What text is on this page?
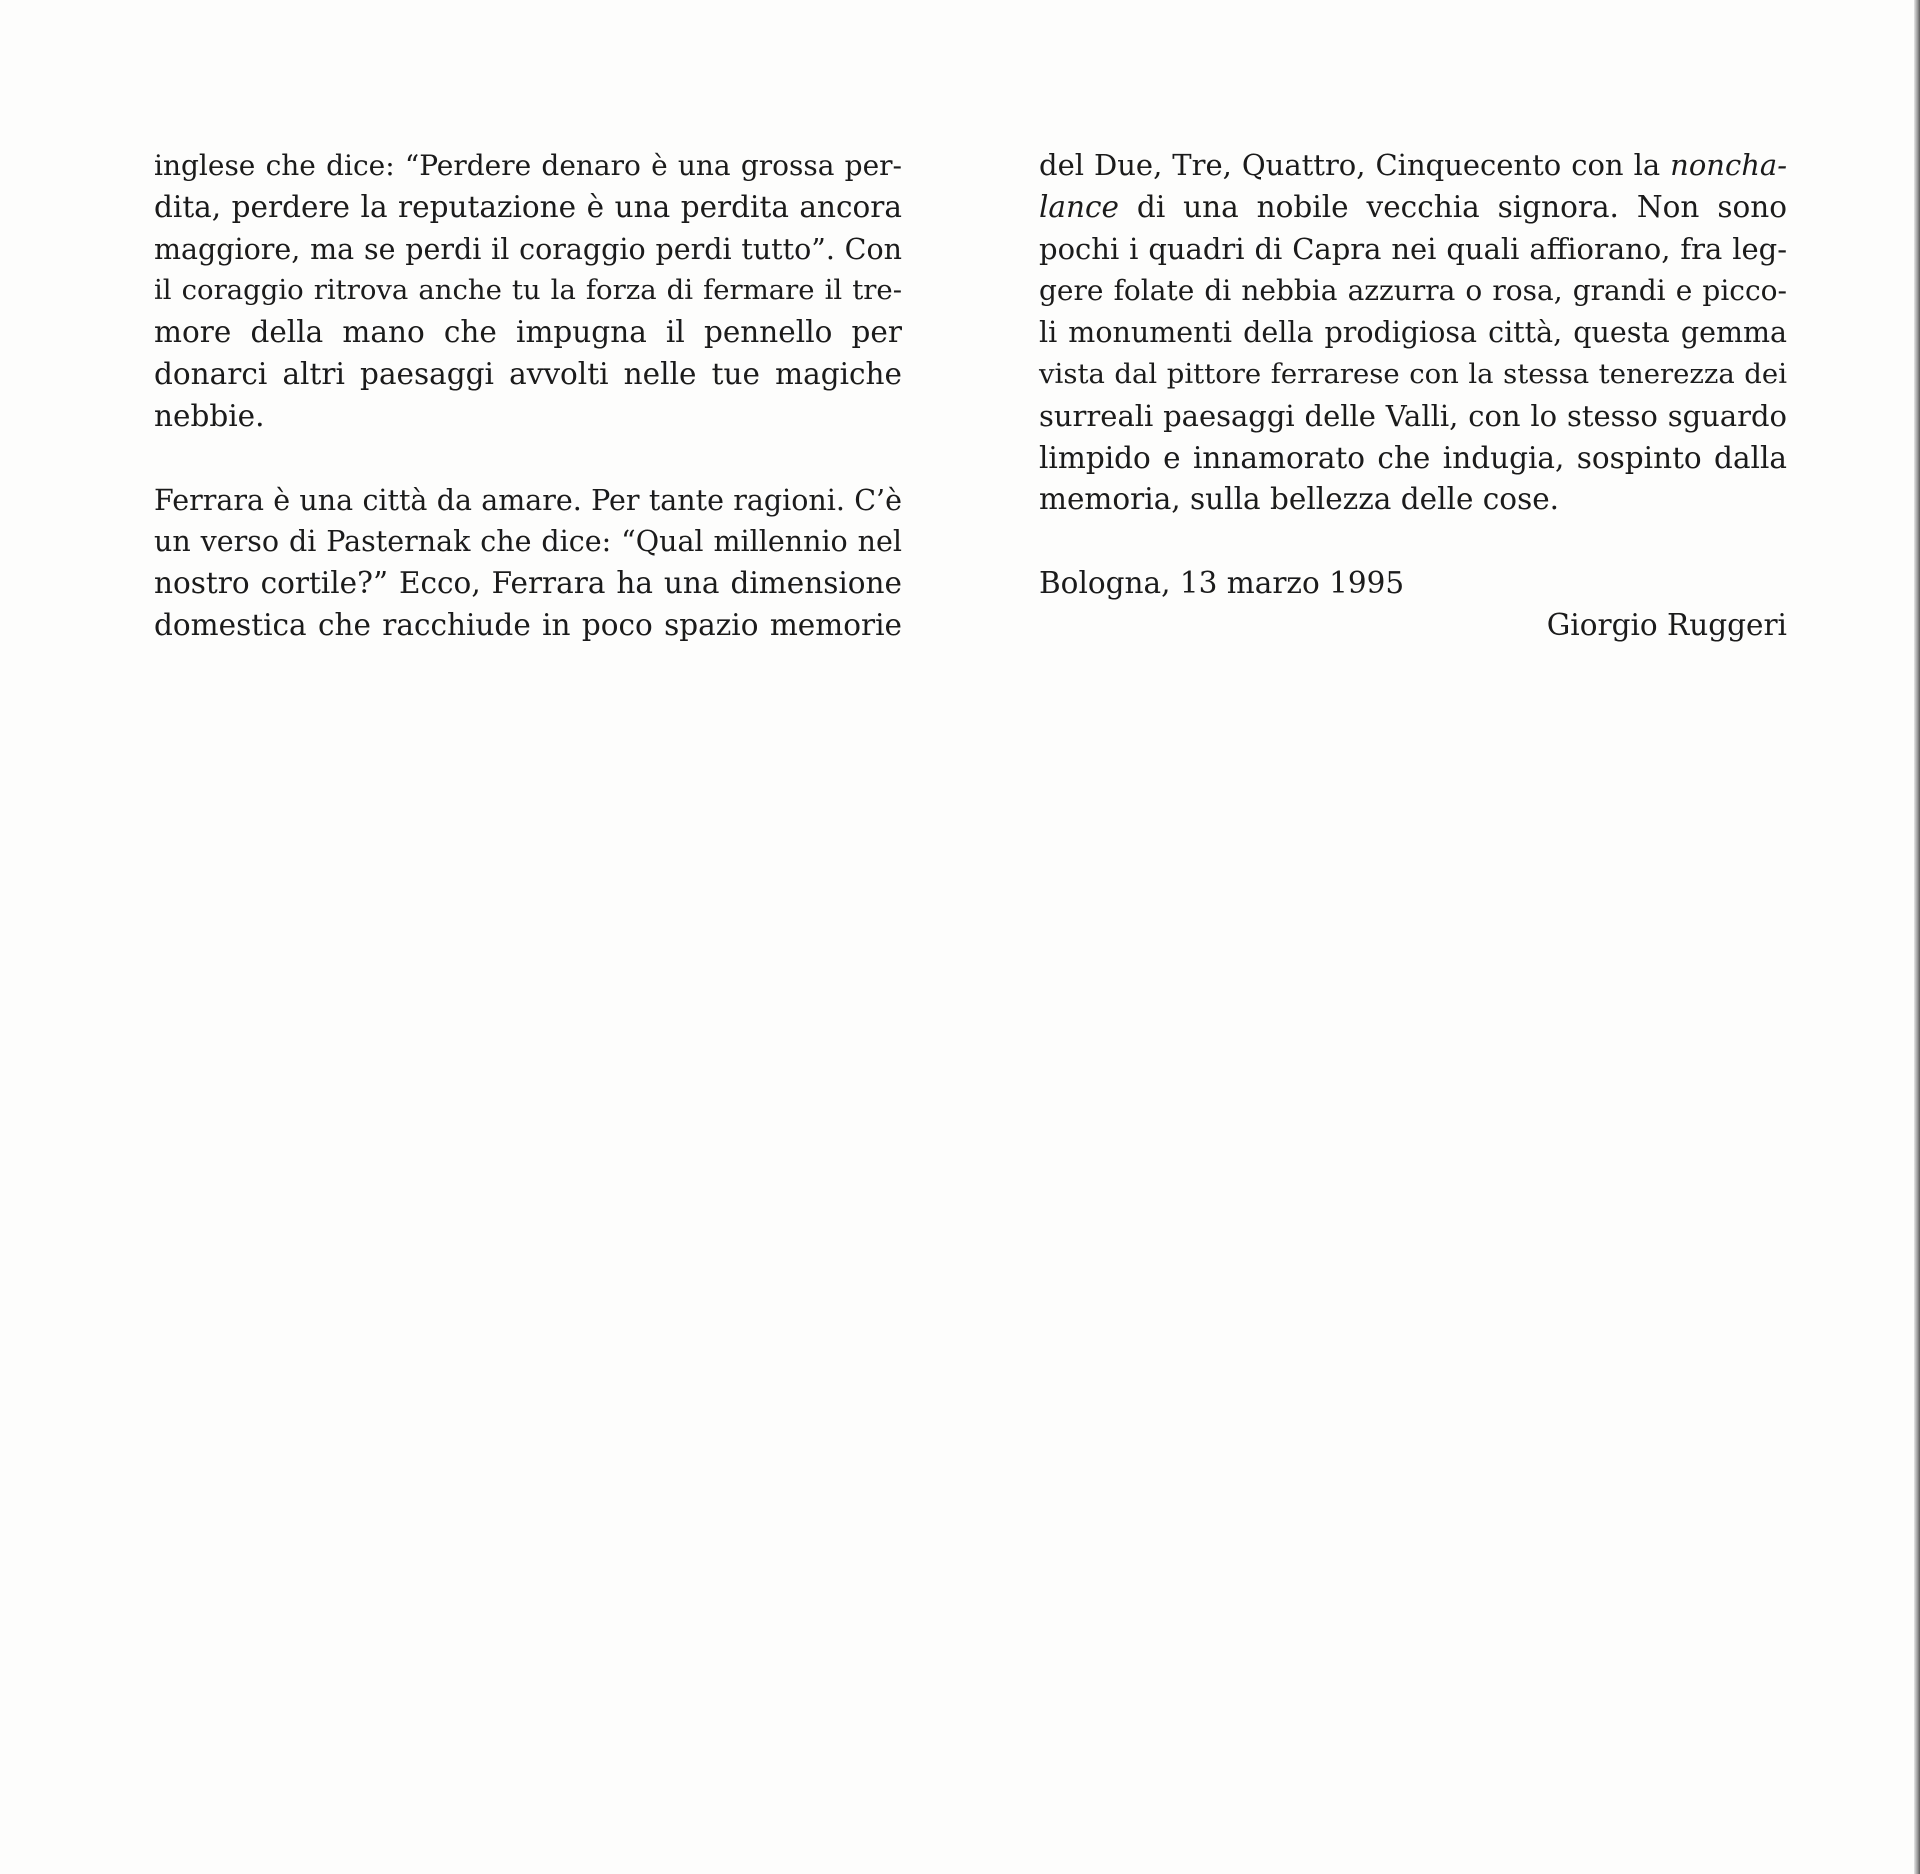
inglese che dice: “Perdere denaro è una grossa per-
dita, perdere la reputazione è una perdita ancora
maggiore, ma se perdi il coraggio perdi tutto”. Con
il coraggio ritrova anche tu la forza di fermare il tre-
more della mano che impugna il pennello per
donarci altri paesaggi avvolti nelle tue magiche
nebbie.
Ferrara è una città da amare. Per tante ragioni. C’è
un verso di Pasternak che dice: “Qual millennio nel
nostro cortile?” Ecco, Ferrara ha una dimensione
domestica che racchiude in poco spazio memorie
del Due, Tre, Quattro, Cinquecento con la noncha-
lance di una nobile vecchia signora. Non sono
pochi i quadri di Capra nei quali affiorano, fra leg-
gere folate di nebbia azzurra o rosa, grandi e picco-
li monumenti della prodigiosa città, questa gemma
vista dal pittore ferrarese con la stessa tenerezza dei
surreali paesaggi delle Valli, con lo stesso sguardo
limpido e innamorato che indugia, sospinto dalla
memoria, sulla bellezza delle cose.
Bologna, 13 marzo 1995
Giorgio Ruggeri
